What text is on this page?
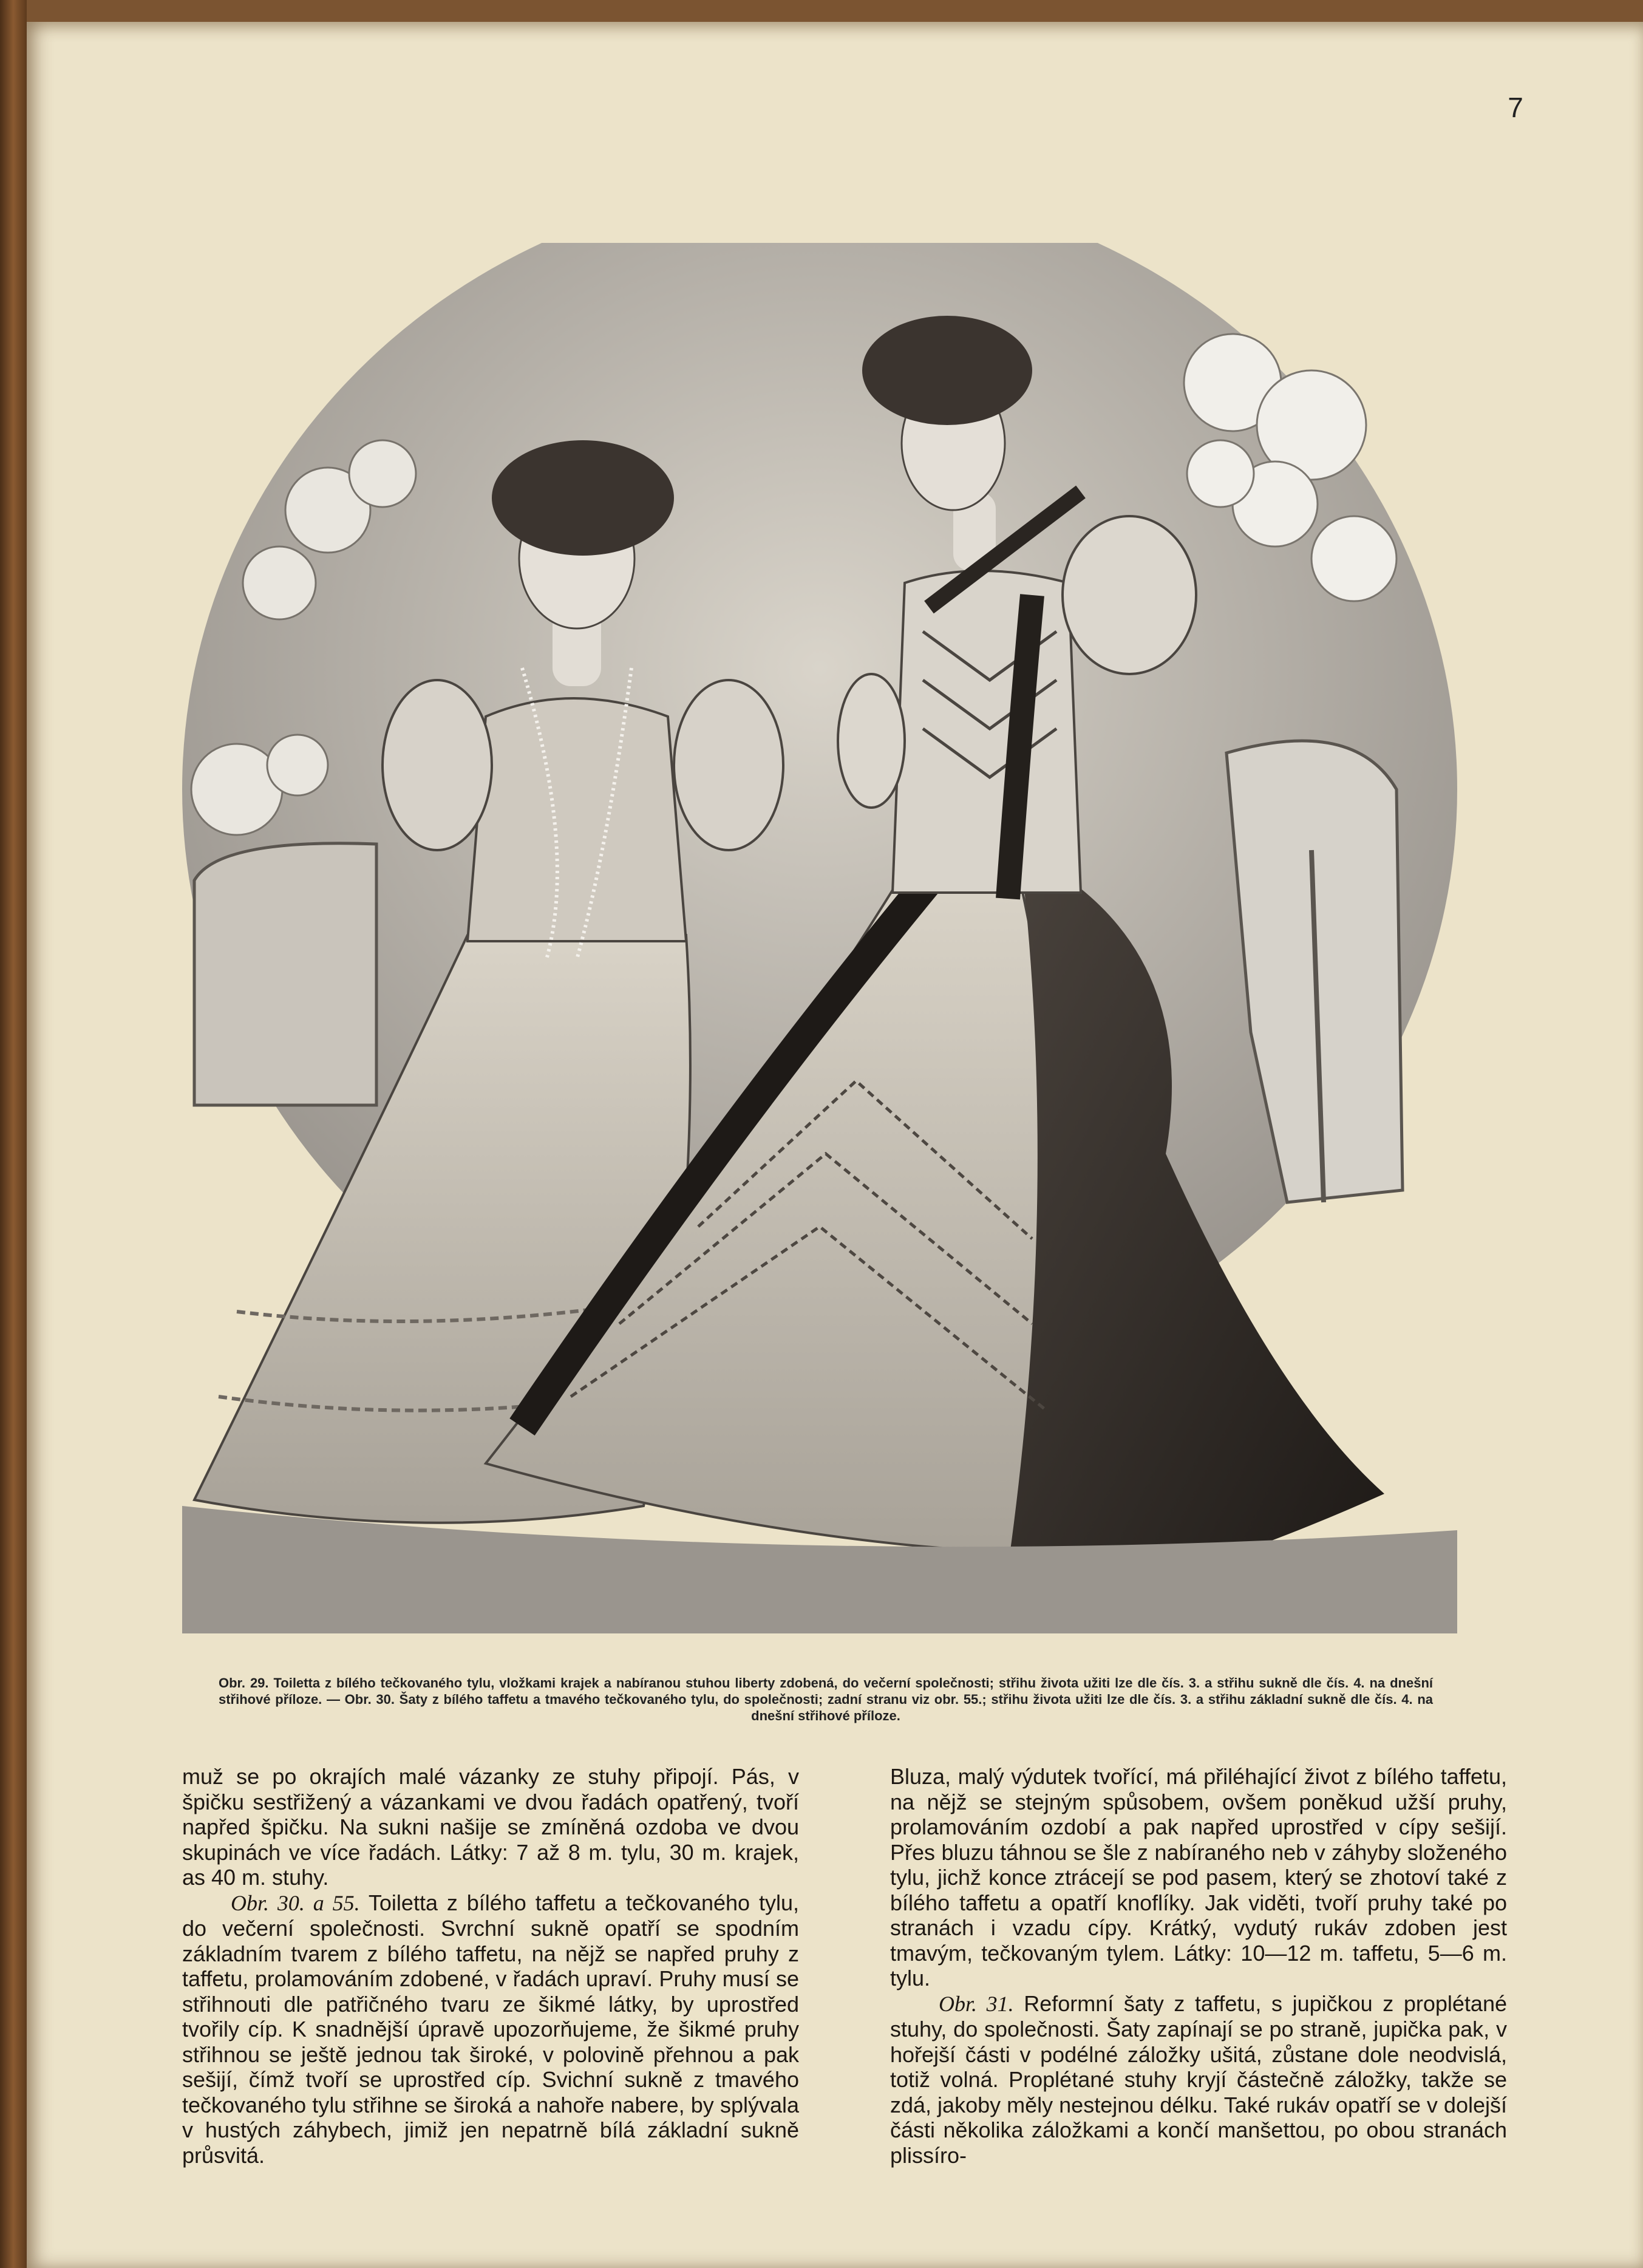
7
Obr. 29. Toiletta z bílého tečkovaného tylu, vložkami krajek a nabíranou stuhou liberty zdobená, do večerní společnosti; střihu života užiti lze dle čís. 3. a střihu sukně dle čís. 4. na dnešní střihové příloze. — Obr. 30. Šaty z bílého taffetu a tmavého tečkovaného tylu, do společnosti; zadní stranu viz obr. 55.; střihu života užiti lze dle čís. 3. a střihu základní sukně dle čís. 4. na dnešní střihové příloze.

muž se po okrajích malé vázanky ze stuhy připojí. Pás, v špičku sestřižený a vázankami ve dvou řadách opatřený, tvoří napřed špičku. Na sukni našije se zmíněná ozdoba ve dvou skupinách ve více řadách. Látky: 7 až 8 m. tylu, 30 m. krajek, as 40 m. stuhy.

Obr. 30. a 55. Toiletta z bílého taffetu a tečkovaného tylu, do večerní společnosti. Svrchní sukně opatří se spodním základním tvarem z bílého taffetu, na nějž se napřed pruhy z taffetu, prolamováním zdobené, v řadách upraví. Pruhy musí se střihnouti dle patřičného tvaru ze šikmé látky, by uprostřed tvořily cíp. K snadnější úpravě upozorňujeme, že šikmé pruhy střihnou se ještě jednou tak široké, v polovině přehnou a pak sešijí, čímž tvoří se uprostřed cíp. Svichní sukně z tmavého tečkovaného tylu střihne se široká a nahoře nabere, by splývala v hustých záhybech, jimiž jen nepatrně bílá základní sukně průsvitá.

Bluza, malý výdutek tvořící, má přiléhající život z bílého taffetu, na nějž se stejným spůsobem, ovšem poněkud užší pruhy, prolamováním ozdobí a pak napřed uprostřed v cípy sešijí. Přes bluzu táhnou se šle z nabíraného neb v záhyby složeného tylu, jichž konce ztrácejí se pod pasem, který se zhotoví také z bílého taffetu a opatří knoflíky. Jak viděti, tvoří pruhy také po stranách i vzadu cípy. Krátký, vydutý rukáv zdoben jest tmavým, tečkovaným tylem. Látky: 10—12 m. taffetu, 5—6 m. tylu.

Obr. 31. Reformní šaty z taffetu, s jupičkou z proplétané stuhy, do společnosti. Šaty zapínají se po straně, jupička pak, v hořejší části v podélné záložky ušitá, zůstane dole neodvislá, totiž volná. Proplétané stuhy kryjí částečně záložky, takže se zdá, jakoby měly nestejnou délku. Také rukáv opatří se v dolejší části několika záložkami a končí manšettou, po obou stranách plissíro-
